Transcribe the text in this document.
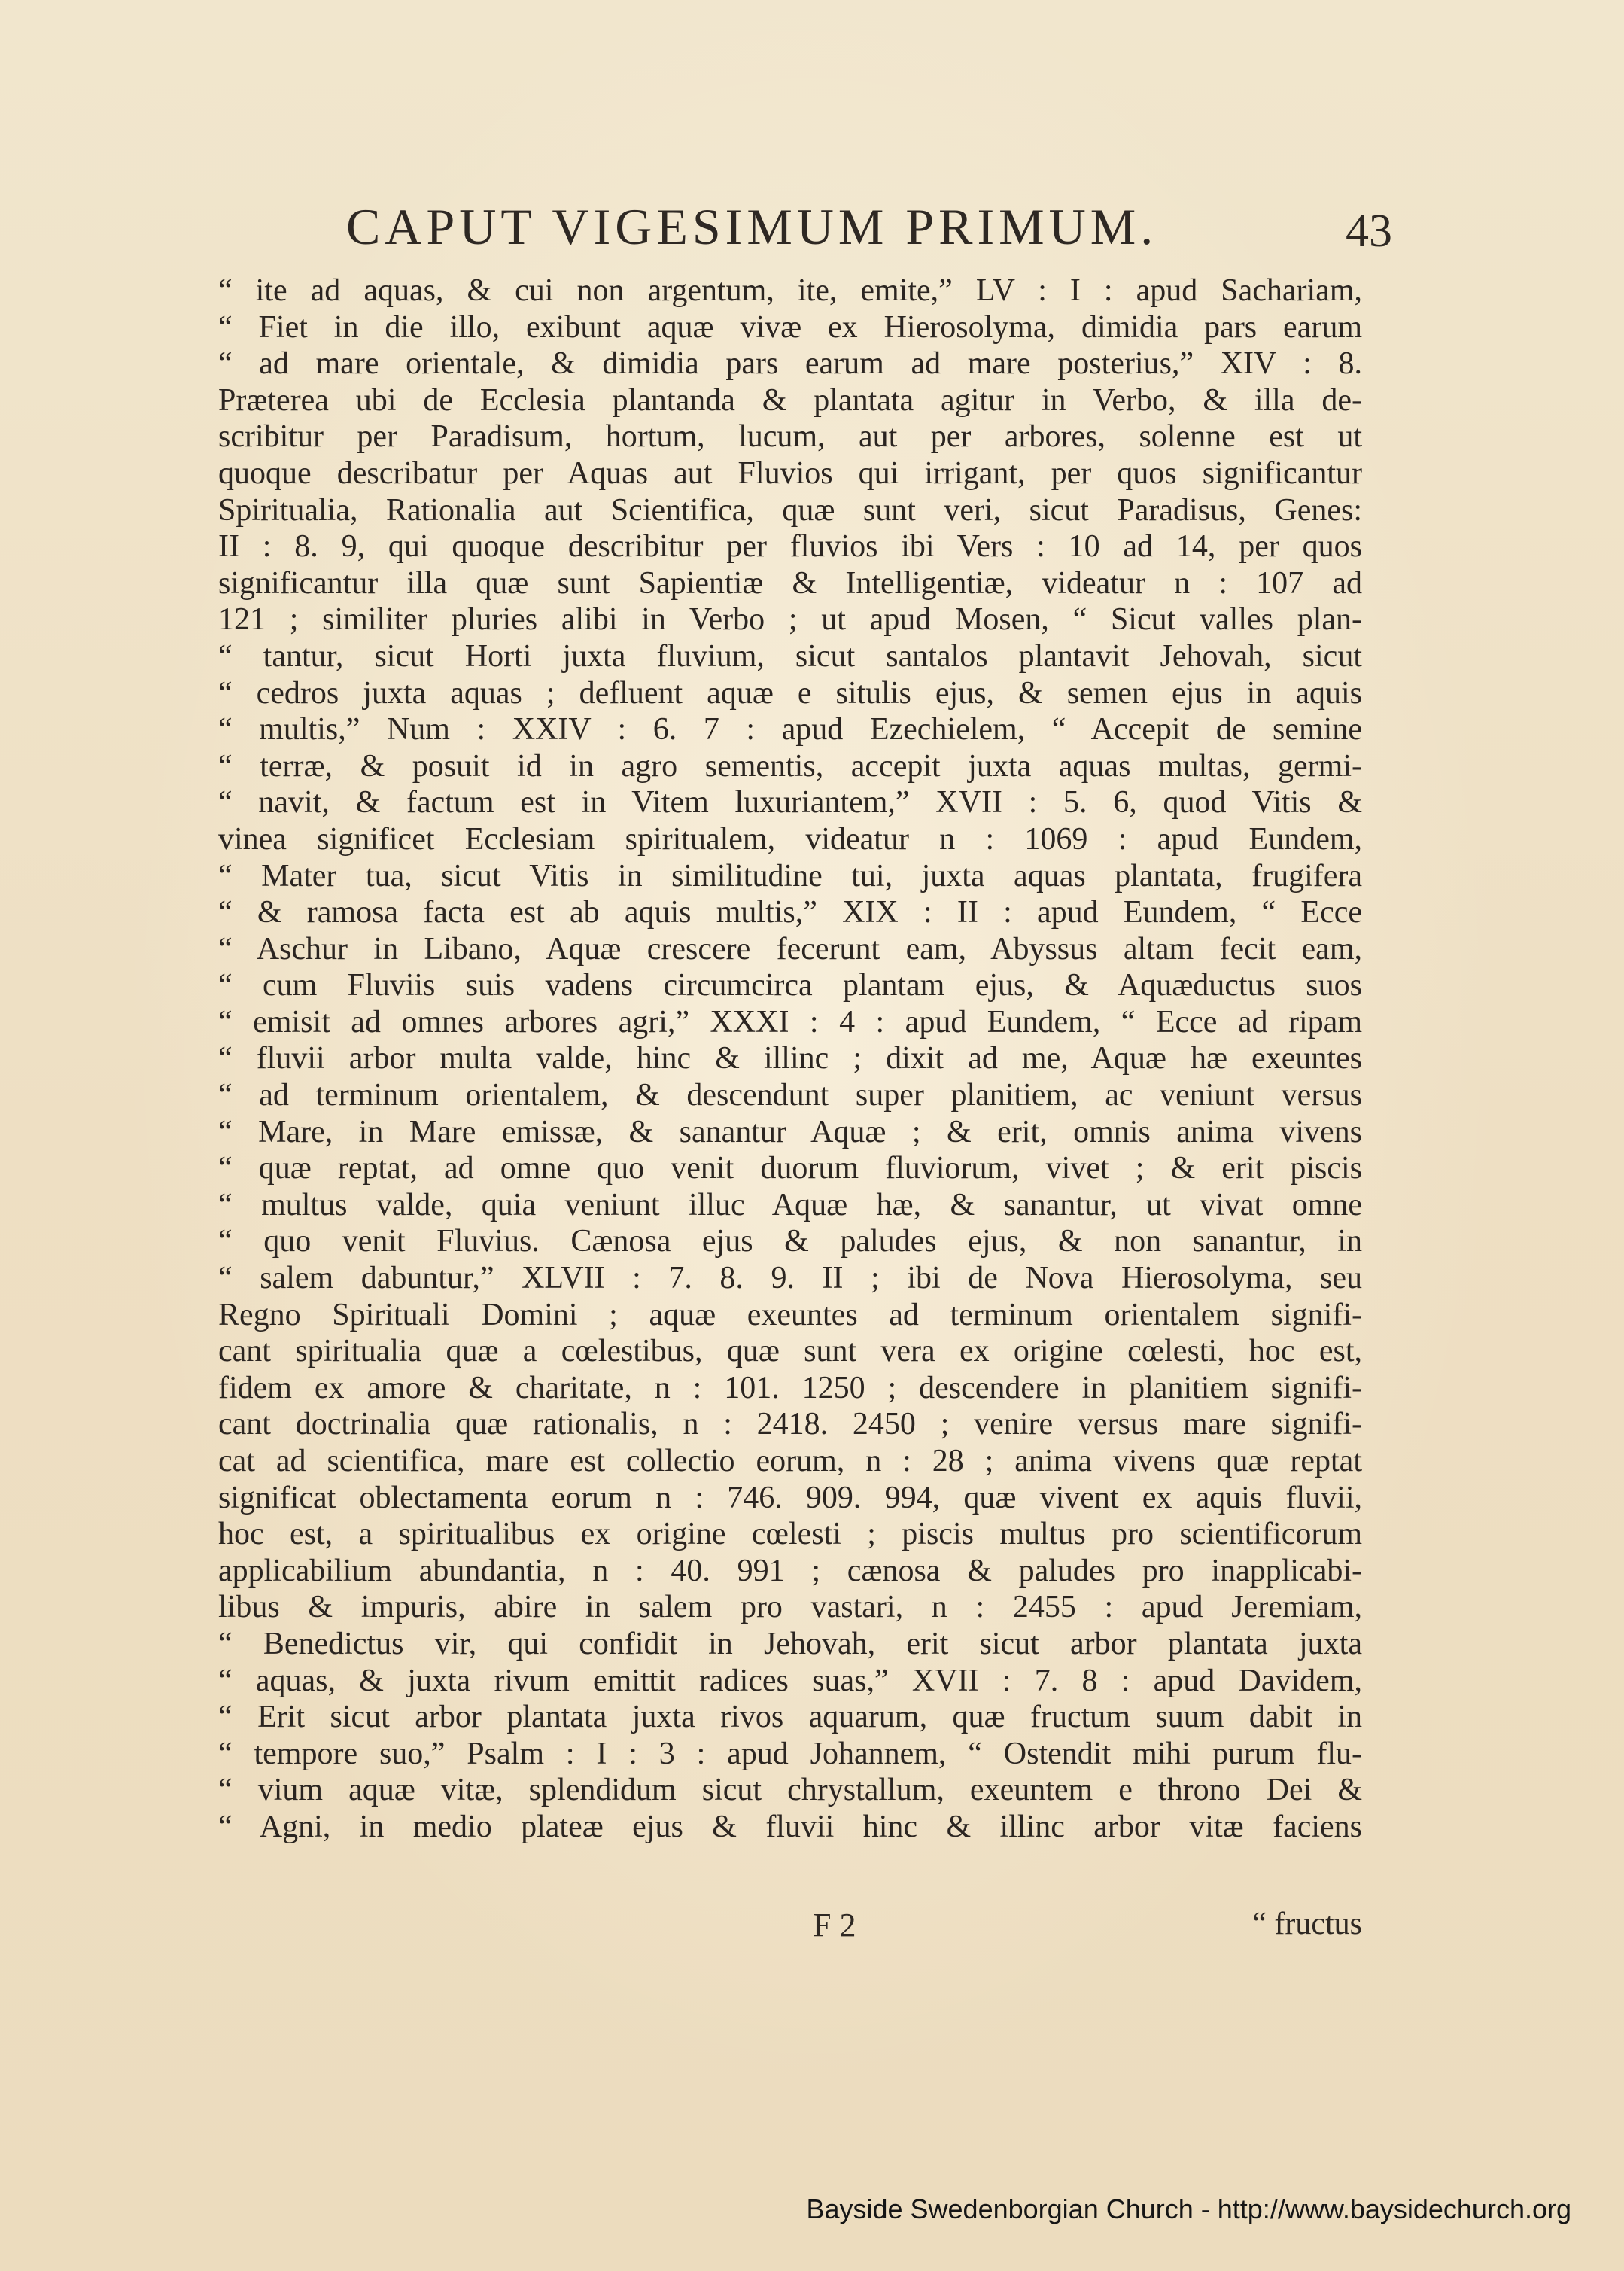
CAPUT VIGESIMUM PRIMUM.	43
“ ite ad aquas, & cui non argentum, ite, emite,” LV : I : apud Sachariam,
“ Fiet in die illo, exibunt aquæ vivæ ex Hierosolyma, dimidia pars earum
“ ad mare orientale, & dimidia pars earum ad mare posterius,” XIV : 8.
Præterea ubi de Ecclesia plantanda & plantata agitur in Verbo, & illa de-
scribitur per Paradisum, hortum, lucum, aut per arbores, solenne est ut
quoque describatur per Aquas aut Fluvios qui irrigant, per quos significantur
Spiritualia, Rationalia aut Scientifica, quæ sunt veri, sicut Paradisus, Genes:
II : 8. 9, qui quoque describitur per fluvios ibi Vers : 10 ad 14, per quos
significantur illa quæ sunt Sapientiæ & Intelligentiæ, videatur n : 107 ad
121 ; similiter pluries alibi in Verbo ; ut apud Mosen, “ Sicut valles plan-
“ tantur, sicut Horti juxta fluvium, sicut santalos plantavit Jehovah, sicut
“ cedros juxta aquas ; defluent aquæ e situlis ejus, & semen ejus in aquis
“ multis,” Num : XXIV : 6. 7 : apud Ezechielem, “ Accepit de semine
“ terræ, & posuit id in agro sementis, accepit juxta aquas multas, germi-
“ navit, & factum est in Vitem luxuriantem,” XVII : 5. 6, quod Vitis &
vinea significet Ecclesiam spiritualem, videatur n : 1069 : apud Eundem,
“ Mater tua, sicut Vitis in similitudine tui, juxta aquas plantata, frugifera
“ & ramosa facta est ab aquis multis,” XIX : II : apud Eundem, “ Ecce
“ Aschur in Libano, Aquæ crescere fecerunt eam, Abyssus altam fecit eam,
“ cum Fluviis suis vadens circumcirca plantam ejus, & Aquæductus suos
“ emisit ad omnes arbores agri,” XXXI : 4 : apud Eundem, “ Ecce ad ripam
“ fluvii arbor multa valde, hinc & illinc ; dixit ad me, Aquæ hæ exeuntes
“ ad terminum orientalem, & descendunt super planitiem, ac veniunt versus
“ Mare, in Mare emissæ, & sanantur Aquæ ; & erit, omnis anima vivens
“ quæ reptat, ad omne quo venit duorum fluviorum, vivet ; & erit piscis
“ multus valde, quia veniunt illuc Aquæ hæ, & sanantur, ut vivat omne
“ quo venit Fluvius. Cænosa ejus & paludes ejus, & non sanantur, in
“ salem dabuntur,” XLVII : 7. 8. 9. II ; ibi de Nova Hierosolyma, seu
Regno Spirituali Domini ; aquæ exeuntes ad terminum orientalem signifi-
cant spiritualia quæ a cœlestibus, quæ sunt vera ex origine cœlesti, hoc est,
fidem ex amore & charitate, n : 101. 1250 ; descendere in planitiem signifi-
cant doctrinalia quæ rationalis, n : 2418. 2450 ; venire versus mare signifi-
cat ad scientifica, mare est collectio eorum, n : 28 ; anima vivens quæ reptat
significat oblectamenta eorum n : 746. 909. 994, quæ vivent ex aquis fluvii,
hoc est, a spiritualibus ex origine cœlesti ; piscis multus pro scientificorum
applicabilium abundantia, n : 40. 991 ; cænosa & paludes pro inapplicabi-
libus & impuris, abire in salem pro vastari, n : 2455 : apud Jeremiam,
“ Benedictus vir, qui confidit in Jehovah, erit sicut arbor plantata juxta
“ aquas, & juxta rivum emittit radices suas,” XVII : 7. 8 : apud Davidem,
“ Erit sicut arbor plantata juxta rivos aquarum, quæ fructum suum dabit in
“ tempore suo,” Psalm : I : 3 : apud Johannem, “ Ostendit mihi purum flu-
“ vium aquæ vitæ, splendidum sicut chrystallum, exeuntem e throno Dei &
“ Agni, in medio plateæ ejus & fluvii hinc & illinc arbor vitæ faciens
F 2	“ fructus
Bayside Swedenborgian Church - http://www.baysidechurch.org
